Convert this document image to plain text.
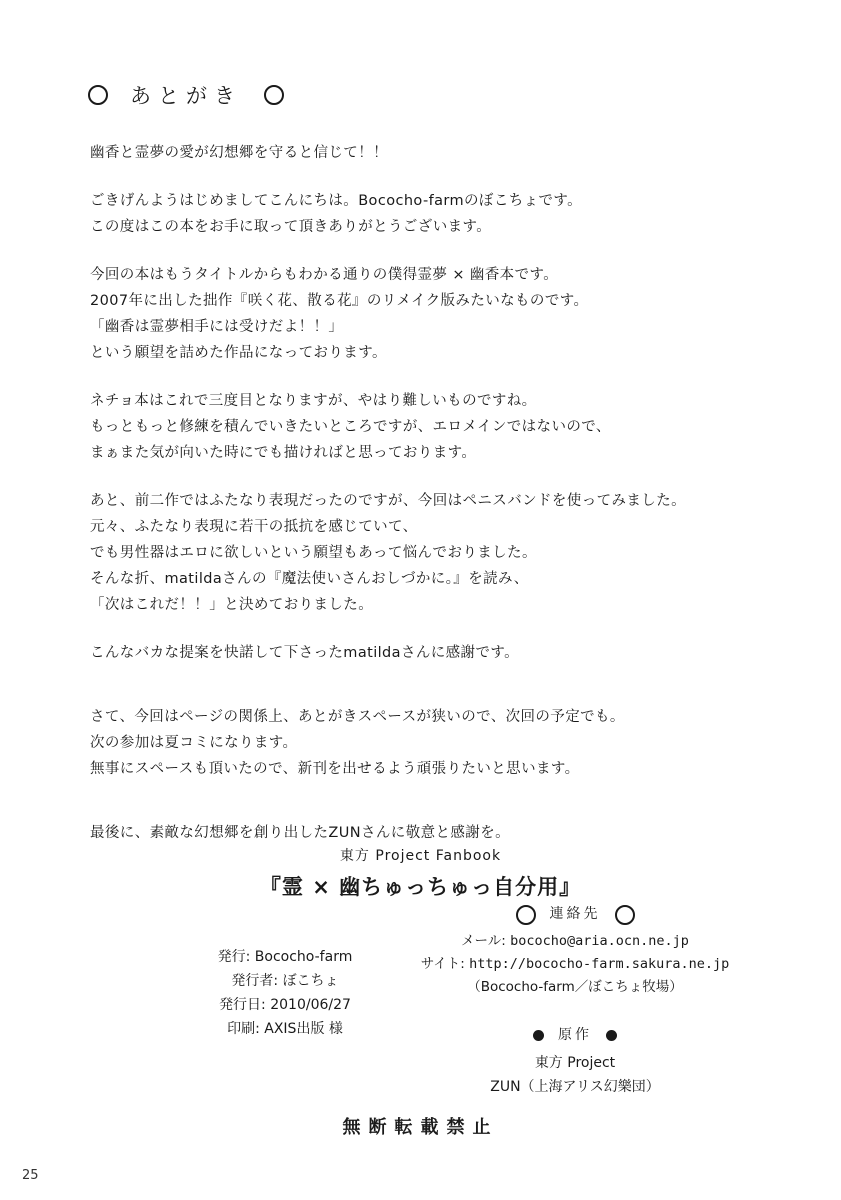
あとがき

幽香と霊夢の愛が幻想郷を守ると信じて！！

ごきげんようはじめましてこんにちは。Bococho-farmのぼこちょです。
この度はこの本をお手に取って頂きありがとうございます。

今回の本はもうタイトルからもわかる通りの僕得霊夢 × 幽香本です。
2007年に出した拙作『咲く花、散る花』のリメイク版みたいなものです。
「幽香は霊夢相手には受けだよ！！」
という願望を詰めた作品になっております。

ネチョ本はこれで三度目となりますが、やはり難しいものですね。
もっともっと修練を積んでいきたいところですが、エロメインではないので、
まぁまた気が向いた時にでも描ければと思っております。

あと、前二作ではふたなり表現だったのですが、今回はペニスバンドを使ってみました。
元々、ふたなり表現に若干の抵抗を感じていて、
でも男性器はエロに欲しいという願望もあって悩んでおりました。
そんな折、matildaさんの『魔法使いさんおしづかに。』を読み、
「次はこれだ！！」と決めておりました。

こんなバカな提案を快諾して下さったmatildaさんに感謝です。

さて、今回はページの関係上、あとがきスペースが狭いので、次回の予定でも。
次の参加は夏コミになります。
無事にスペースも頂いたので、新刊を出せるよう頑張りたいと思います。

最後に、素敵な幻想郷を創り出したZUNさんに敬意と感謝を。

東方 Project Fanbook
『霊 × 幽ちゅっちゅっ自分用』
発行: Bococho-farm
発行者: ぼこちょ
発行日: 2010/06/27
印刷: AXIS出版 様
連絡先
メール: bococho@aria.ocn.ne.jp
サイト: http://bococho-farm.sakura.ne.jp
（Bococho-farm／ぼこちょ牧場）
原作
東方 Project
ZUN（上海アリス幻樂団）
無断転載禁止
25
